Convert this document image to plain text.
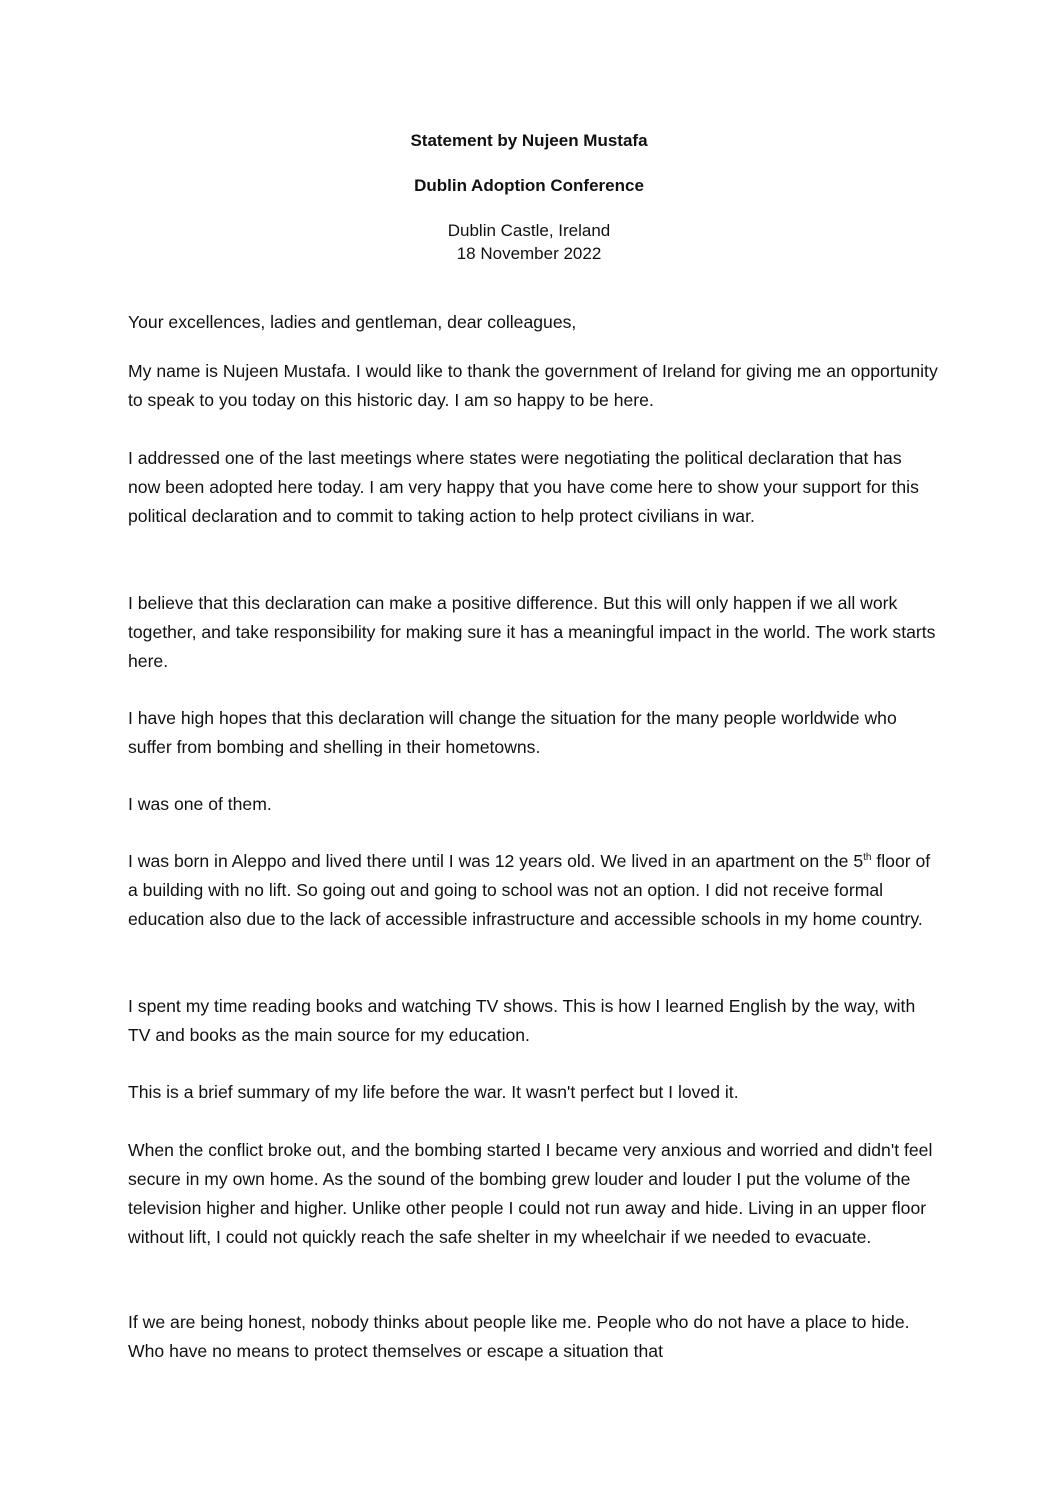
Statement by Nujeen Mustafa
Dublin Adoption Conference
Dublin Castle, Ireland
18 November 2022

Your excellences, ladies and gentleman, dear colleagues,

My name is Nujeen Mustafa. I would like to thank the government of Ireland for giving me an opportunity to speak to you today on this historic day. I am so happy to be here.

I addressed one of the last meetings where states were negotiating the political declaration that has now been adopted here today. I am very happy that you have come here to show your support for this political declaration and to commit to taking action to help protect civilians in war.

I believe that this declaration can make a positive difference. But this will only happen if we all work together, and take responsibility for making sure it has a meaningful impact in the world. The work starts here.

I have high hopes that this declaration will change the situation for the many people worldwide who suffer from bombing and shelling in their hometowns.

I was one of them.

I was born in Aleppo and lived there until I was 12 years old. We lived in an apartment on the 5th floor of a building with no lift. So going out and going to school was not an option. I did not receive formal education also due to the lack of accessible infrastructure and accessible schools in my home country.

I spent my time reading books and watching TV shows. This is how I learned English by the way, with TV and books as the main source for my education.

This is a brief summary of my life before the war. It wasn't perfect but I loved it.

When the conflict broke out, and the bombing started I became very anxious and worried and didn't feel secure in my own home. As the sound of the bombing grew louder and louder I put the volume of the television higher and higher. Unlike other people I could not run away and hide. Living in an upper floor without lift, I could not quickly reach the safe shelter in my wheelchair if we needed to evacuate.

If we are being honest, nobody thinks about people like me. People who do not have a place to hide. Who have no means to protect themselves or escape a situation that
